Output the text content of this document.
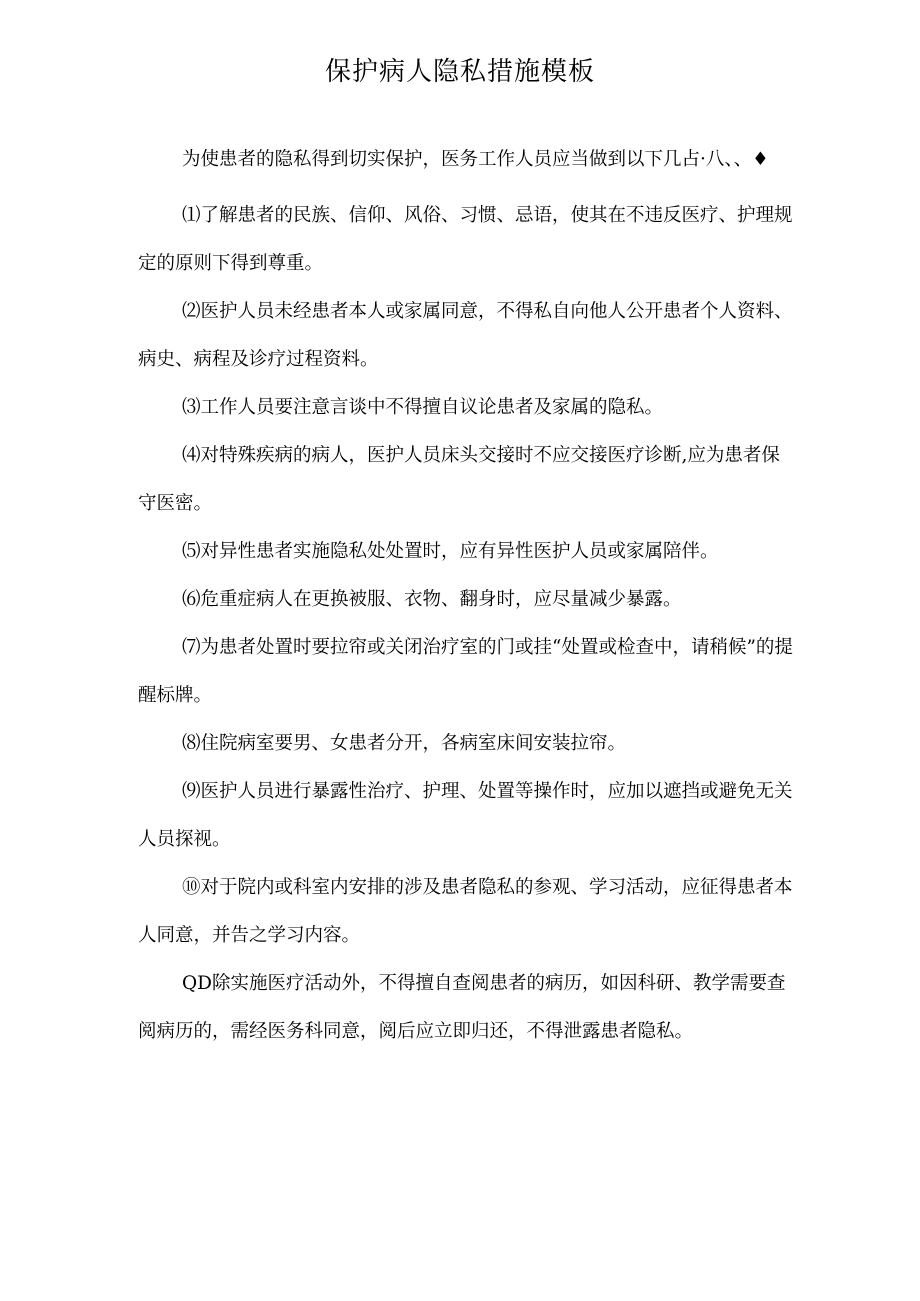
保护病人隐私措施模板

为使患者的隐私得到切实保护，医务工作人员应当做到以下几占·八、、♦

⑴了解患者的民族、信仰、风俗、习惯、忌语，使其在不违反医疗、护理规定的原则下得到尊重。

⑵医护人员未经患者本人或家属同意，不得私自向他人公开患者个人资料、病史、病程及诊疗过程资料。

⑶工作人员要注意言谈中不得擅自议论患者及家属的隐私。

⑷对特殊疾病的病人，医护人员床头交接时不应交接医疗诊断,应为患者保守医密。

⑸对异性患者实施隐私处处置时，应有异性医护人员或家属陪伴。

⑹危重症病人在更换被服、衣物、翻身时，应尽量减少暴露。

⑺为患者处置时要拉帘或关闭治疗室的门或挂“处置或检查中，请稍候”的提醒标牌。

⑻住院病室要男、女患者分开，各病室床间安装拉帘。

⑼医护人员进行暴露性治疗、护理、处置等操作时，应加以遮挡或避免无关人员探视。

⑩对于院内或科室内安排的涉及患者隐私的参观、学习活动，应征得患者本人同意，并告之学习内容。

QD除实施医疗活动外，不得擅自查阅患者的病历，如因科研、教学需要查阅病历的，需经医务科同意，阅后应立即归还，不得泄露患者隐私。
